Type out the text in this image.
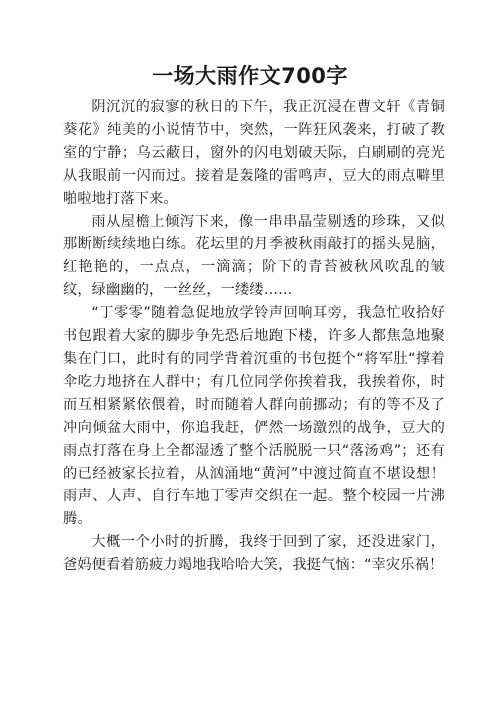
一场大雨作文700字

阴沉沉的寂寥的秋日的下午，我正沉浸在曹文轩《青铜葵花》纯美的小说情节中，突然，一阵狂风袭来，打破了教室的宁静；乌云蔽日，窗外的闪电划破天际，白刷刷的亮光从我眼前一闪而过。接着是轰隆的雷鸣声，豆大的雨点噼里啪啦地打落下来。

雨从屋檐上倾泻下来，像一串串晶莹剔透的珍珠，又似那断断续续地白练。花坛里的月季被秋雨敲打的摇头晃脑，红艳艳的，一点点，一滴滴；阶下的青苔被秋风吹乱的皱纹，绿幽幽的，一丝丝，一缕缕……

“丁零零”随着急促地放学铃声回响耳旁，我急忙收拾好书包跟着大家的脚步争先恐后地跑下楼，许多人都焦急地聚集在门口，此时有的同学背着沉重的书包挺个“将军肚“撑着伞吃力地挤在人群中；有几位同学你挨着我，我挨着你，时而互相紧紧依偎着，时而随着人群向前挪动；有的等不及了冲向倾盆大雨中，你追我赶，俨然一场激烈的战争，豆大的雨点打落在身上全都湿透了整个活脱脱一只“落汤鸡”；还有的已经被家长拉着，从汹涌地“黄河”中渡过简直不堪设想！雨声、人声、自行车地丁零声交织在一起。整个校园一片沸腾。

大概一个小时的折腾，我终于回到了家，还没进家门，爸妈便看着筋疲力竭地我哈哈大笑，我挺气恼：“幸灾乐祸！
